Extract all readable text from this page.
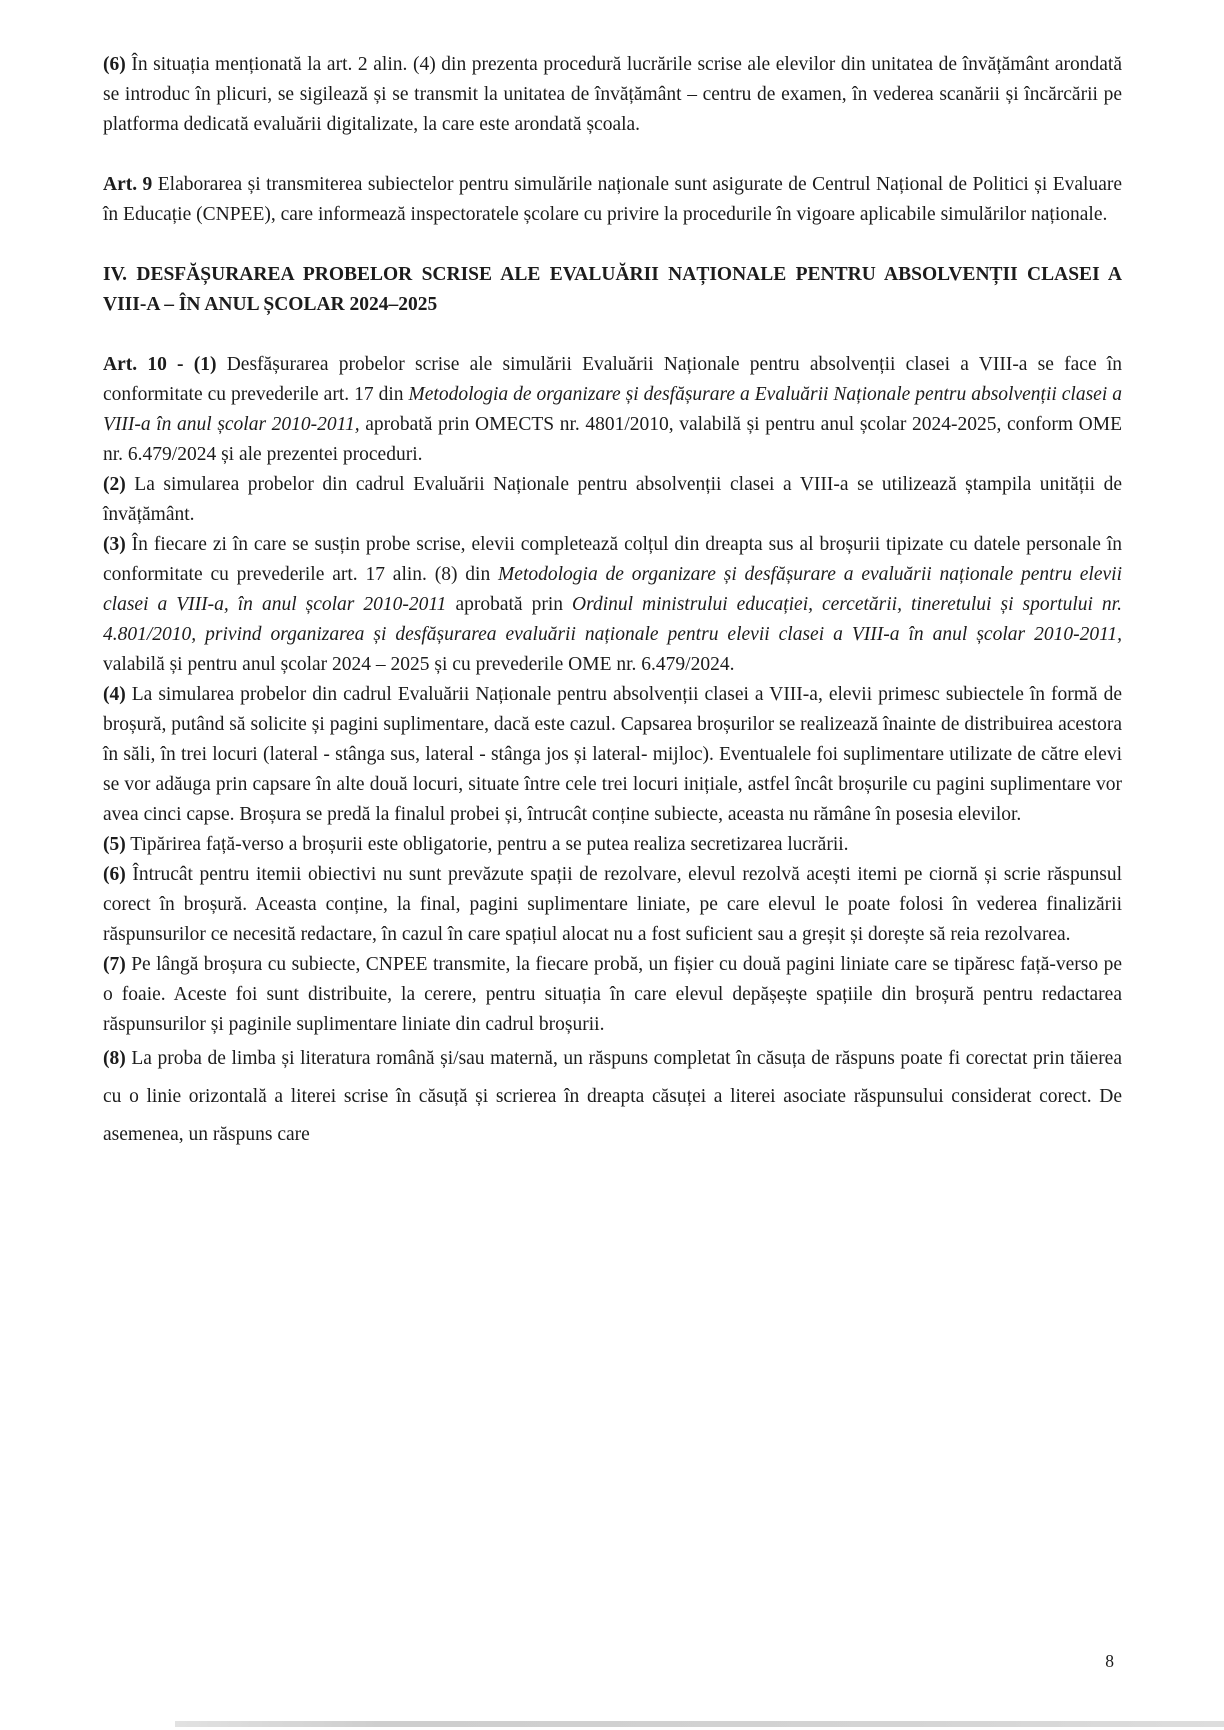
(6) În situația menționată la art. 2 alin. (4) din prezenta procedură lucrările scrise ale elevilor din unitatea de învățământ arondată se introduc în plicuri, se sigilează și se transmit la unitatea de învățământ – centru de examen, în vederea scanării și încărcării pe platforma dedicată evaluării digitalizate, la care este arondată școala.

Art. 9 Elaborarea și transmiterea subiectelor pentru simulările naționale sunt asigurate de Centrul Național de Politici și Evaluare în Educație (CNPEE), care informează inspectoratele școlare cu privire la procedurile în vigoare aplicabile simulărilor naționale.

IV. DESFĂȘURAREA PROBELOR SCRISE ALE EVALUĂRII NAȚIONALE PENTRU ABSOLVENȚII CLASEI A VIII-A – ÎN ANUL ȘCOLAR 2024–2025

Art. 10 - (1) Desfășurarea probelor scrise ale simulării Evaluării Naționale pentru absolvenții clasei a VIII-a se face în conformitate cu prevederile art. 17 din Metodologia de organizare și desfășurare a Evaluării Naționale pentru absolvenții clasei a VIII-a în anul școlar 2010-2011, aprobată prin OMECTS nr. 4801/2010, valabilă și pentru anul școlar 2024-2025, conform OME nr. 6.479/2024 și ale prezentei proceduri.

(2) La simularea probelor din cadrul Evaluării Naționale pentru absolvenții clasei a VIII-a se utilizează ștampila unității de învățământ.

(3) În fiecare zi în care se susțin probe scrise, elevii completează colțul din dreapta sus al broșurii tipizate cu datele personale în conformitate cu prevederile art. 17 alin. (8) din Metodologia de organizare și desfășurare a evaluării naționale pentru elevii clasei a VIII-a, în anul școlar 2010-2011 aprobată prin Ordinul ministrului educației, cercetării, tineretului și sportului nr. 4.801/2010, privind organizarea și desfășurarea evaluării naționale pentru elevii clasei a VIII-a în anul școlar 2010-2011, valabilă și pentru anul școlar 2024 – 2025 și cu prevederile OME nr. 6.479/2024.

(4) La simularea probelor din cadrul Evaluării Naționale pentru absolvenții clasei a VIII-a, elevii primesc subiectele în formă de broșură, putând să solicite și pagini suplimentare, dacă este cazul. Capsarea broșurilor se realizează înainte de distribuirea acestora în săli, în trei locuri (lateral - stânga sus, lateral - stânga jos și lateral- mijloc). Eventualele foi suplimentare utilizate de către elevi se vor adăuga prin capsare în alte două locuri, situate între cele trei locuri inițiale, astfel încât broșurile cu pagini suplimentare vor avea cinci capse. Broșura se predă la finalul probei și, întrucât conține subiecte, aceasta nu rămâne în posesia elevilor.

(5) Tipărirea față-verso a broșurii este obligatorie, pentru a se putea realiza secretizarea lucrării.

(6) Întrucât pentru itemii obiectivi nu sunt prevăzute spații de rezolvare, elevul rezolvă acești itemi pe ciornă și scrie răspunsul corect în broșură. Aceasta conține, la final, pagini suplimentare liniate, pe care elevul le poate folosi în vederea finalizării răspunsurilor ce necesită redactare, în cazul în care spațiul alocat nu a fost suficient sau a greșit și dorește să reia rezolvarea.

(7) Pe lângă broșura cu subiecte, CNPEE transmite, la fiecare probă, un fișier cu două pagini liniate care se tipăresc față-verso pe o foaie. Aceste foi sunt distribuite, la cerere, pentru situația în care elevul depășește spațiile din broșură pentru redactarea răspunsurilor și paginile suplimentare liniate din cadrul broșurii.

(8) La proba de limba și literatura română și/sau maternă, un răspuns completat în căsuța de răspuns poate fi corectat prin tăierea cu o linie orizontală a literei scrise în căsuță și scrierea în dreapta căsuței a literei asociate răspunsului considerat corect. De asemenea, un răspuns care

8
